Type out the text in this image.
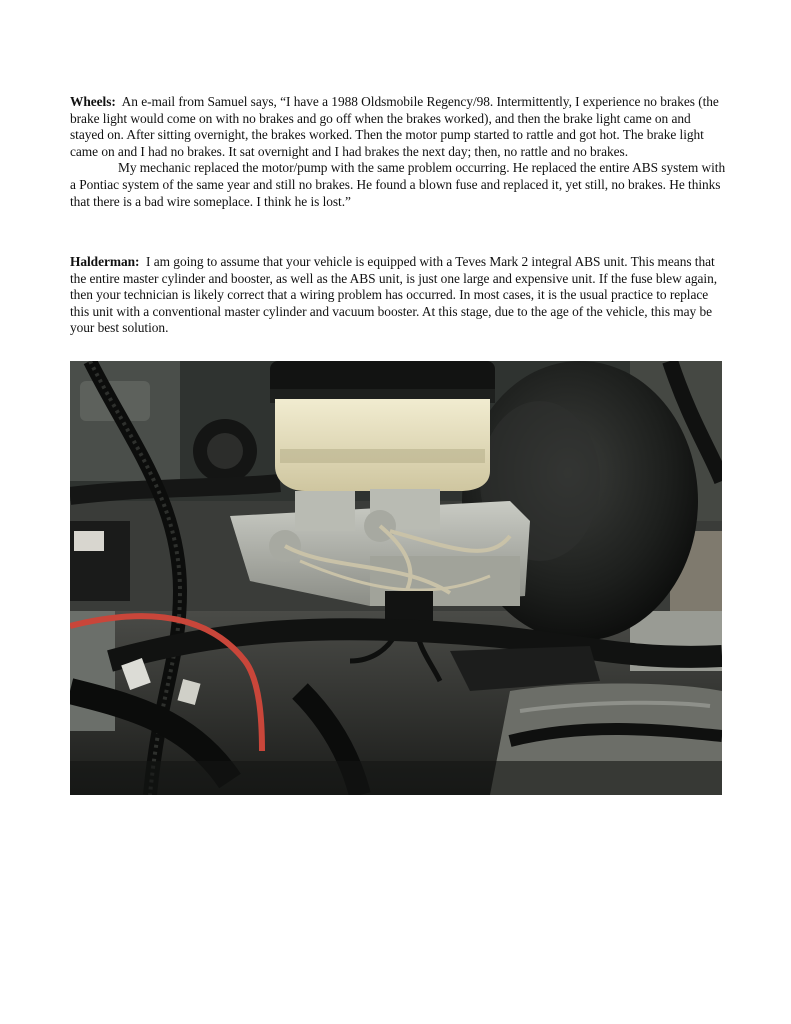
Wheels: An e-mail from Samuel says, “I have a 1988 Oldsmobile Regency/98. Intermittently, I experience no brakes (the brake light would come on with no brakes and go off when the brakes worked), and then the brake light came on and stayed on. After sitting overnight, the brakes worked. Then the motor pump started to rattle and got hot. The brake light came on and I had no brakes. It sat overnight and I had brakes the next day; then, no rattle and no brakes.

My mechanic replaced the motor/pump with the same problem occurring. He replaced the entire ABS system with a Pontiac system of the same year and still no brakes. He found a blown fuse and replaced it, yet still, no brakes. He thinks that there is a bad wire someplace. I think he is lost.”

Halderman: I am going to assume that your vehicle is equipped with a Teves Mark 2 integral ABS unit. This means that the entire master cylinder and booster, as well as the ABS unit, is just one large and expensive unit. If the fuse blew again, then your technician is likely correct that a wiring problem has occurred. In most cases, it is the usual practice to replace this unit with a conventional master cylinder and vacuum booster. At this stage, due to the age of the vehicle, this may be your best solution.
